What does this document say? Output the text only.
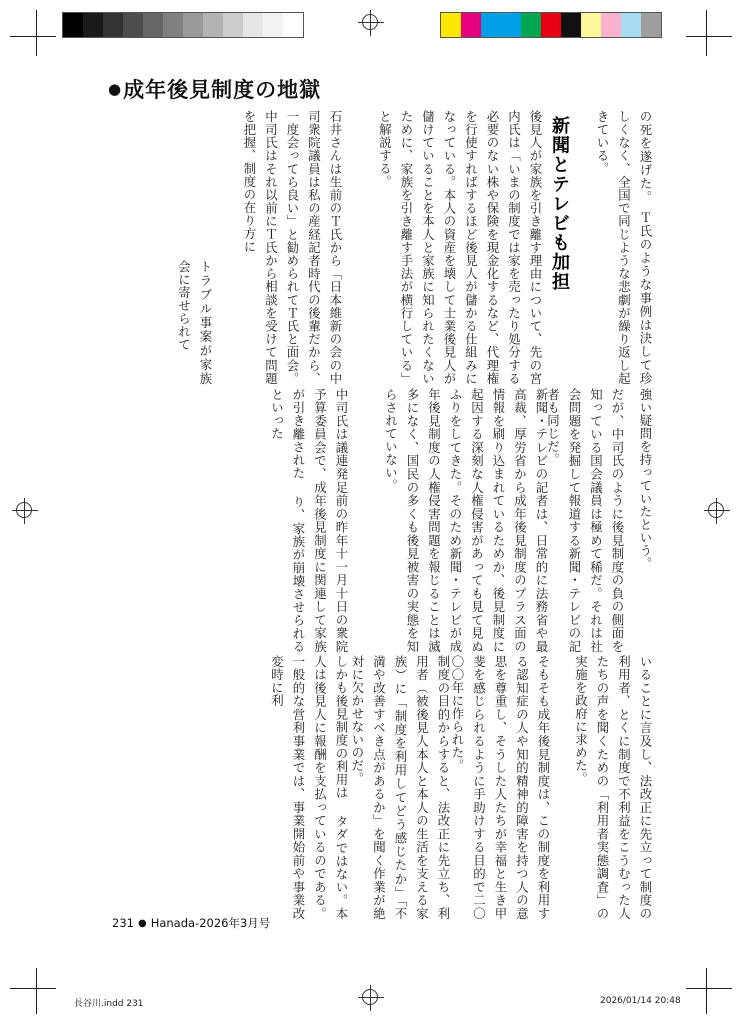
●成年後見制度の地獄
の死を遂げた。　Ｔ氏のような事例は決して珍しくなく、全国で同じような悲劇が繰り返し起きている。
新聞とテレビも加担
後見人が家族を引き離す理由について、先の宮内氏は「いまの制度では家を売ったり処分する必要のない株や保険を現金化するなど、代理権を行使すればするほど後見人が儲かる仕組みになっている。本人の資産を壊して士業後見人が儲けていることを本人と家族に知られたくないために、家族を引き離す手法が横行している」と解説する。
石井さんは生前のＴ氏から「日本維新の会の中司衆院議員は私の産経記者時代の後輩だから、一度会ってら良い」と勧められてＴ氏と面会。中司氏はそれ以前にＴ氏から相談を受けて問題を把握、制度の在り方に
トラブル事案が家族会に寄せられて
強い疑問を持っていたという。
だが、中司氏のように後見制度の負の側面を知っている国会議員は極めて稀だ。それは社会問題を発掘して報道する新聞・テレビの記者も同じだ。
新聞・テレビの記者は、日常的に法務省や最高裁、厚労省から成年後見制度のプラス面の情報を刷り込まれているためか、後見制度に起因する深刻な人権侵害があっても見て見ぬふりをしてきた。そのため新聞・テレビが成年後見制度の人権侵害問題を報じることは滅多になく、国民の多くも後見被害の実態を知らされていない。
中司氏は議連発足前の昨年十一月十日の衆院予算委員会で、成年後見制度に関連して家族が引き離された り、家族が崩壊させられるといった
いることに言及し、法改正に先立って制度の利用者、とくに制度で不利益をこうむった人たちの声を聞くための「利用者実態調査」の実施を政府に求めた。
そもそも成年後見制度は、この制度を利用する認知症の人や知的精神的障害を持つ人の意思を尊重し、そうした人たちが幸福と生き甲斐を感じられるように手助けする目的で二〇〇〇年に作られた。
制度の目的からすると、法改正に先立ち、利用者（被後見人本人と本人の生活を支える家族）に「制度を利用してどう感じたか」「不満や改善すべき点があるか」を聞く作業が絶対に欠かせないのだ。
しかも後見制度の利用は タダではない。本人は後見人に報酬を支払っているのである。一般的な営利事業では、事業開始前や事業改変時に利
231 ● Hanada-2026年3月号
長谷川.indd 231	2026/01/14 20:48
